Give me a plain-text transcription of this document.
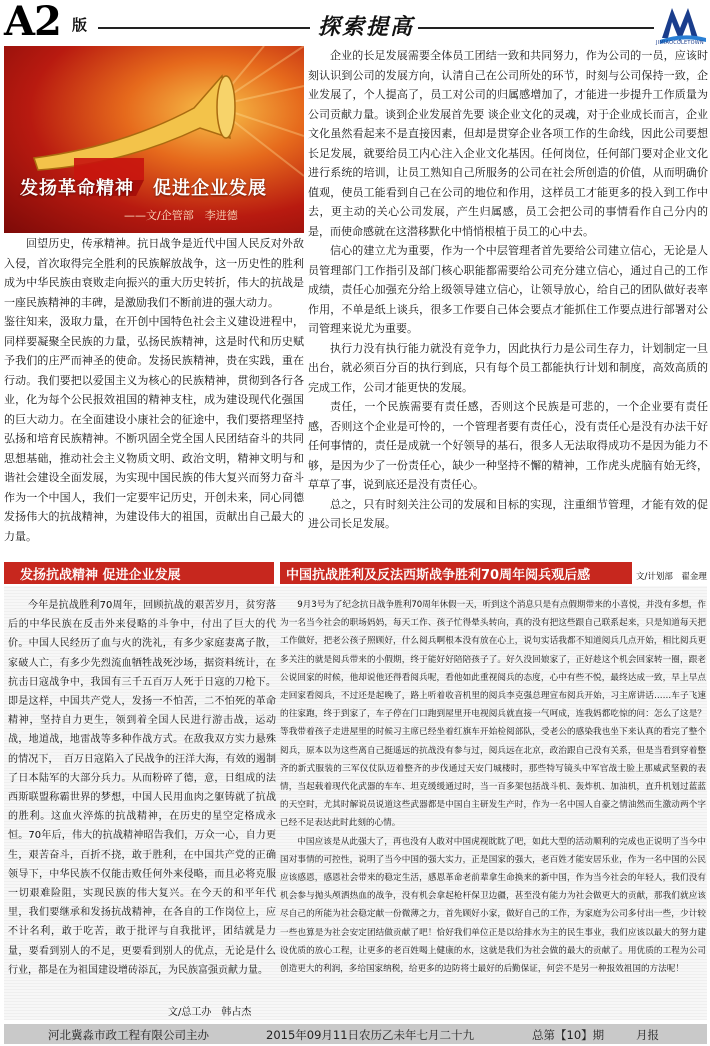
A2 版	探索提高
JIMIAOCOLETOWN
发扬革命精神　促进企业发展
——文/企管部　李进德

回望历史，传承精神。抗日战争是近代中国人民反对外敌入侵，首次取得完全胜利的民族解放战争，这一历史性的胜利成为中华民族由衰败走向振兴的重大历史转折，伟大的抗战是一座民族精神的丰碑，是激励我们不断前进的强大动力。

鉴往知来，汲取力量，在开创中国特色社会主义建设进程中，同样要凝聚全民族的力量，弘扬民族精神，这是时代和历史赋予我们的庄严而神圣的使命。发扬民族精神，贵在实践，重在行动。我们要把以爱国主义为核心的民族精神，贯彻到各行各业，化为每个公民报效祖国的精神支柱，成为建设现代化强国的巨大动力。在全面建设小康社会的征途中，我们要搭理坚持弘扬和培育民族精神。不断巩固全党全国人民团结奋斗的共同思想基础，推动社会主义物质文明、政治文明，精神文明与和谐社会建设全面发展，为实现中国民族的伟大复兴而努力奋斗作为一个中国人，我们一定要牢记历史，开创未来，同心同德发扬伟大的抗战精神，为建设伟大的祖国，贡献出自己最大的力量。

企业的长足发展需要全体员工团结一致和共同努力，作为公司的一员，应该时刻认识到公司的发展方向，认清自己在公司所处的环节，时刻与公司保持一致，企业发展了，个人提高了，员工对公司的归属感增加了，才能进一步提升工作质量为公司贡献力量。谈到企业发展首先要 谈企业文化的灵魂，对于企业成长而言，企业文化虽然看起来不是直接因素，但却是贯穿企业各项工作的生命线，因此公司要想长足发展，就要给员工内心注入企业文化基因。任何岗位，任何部门要对企业文化进行系统的培训，让员工熟知自己所服务的公司在社会所创造的价值，从而明确价值观，使员工能看到自己在公司的地位和作用，这样员工才能更多的投入到工作中去，更主动的关心公司发展，产生归属感，员工会把公司的事情看作自己分内的是，而使命感就在这潜移默化中悄悄根植于员工的心中去。

信心的建立尤为重要，作为一个中层管理者首先要给公司建立信心，无论是人员管理部门工作指引及部门核心职能都需要给公司充分建立信心，通过自己的工作成绩，责任心加强充分给上级领导建立信心，让领导放心，给自己的团队做好表率作用，不单是纸上谈兵，很多工作要自己体会要点才能抓住工作要点进行部署对公司管理来说尤为重要。

执行力没有执行能力就没有竞争力，因此执行力是公司生存力，计划制定一旦出台，就必须百分百的执行到底，只有每个员工都能执行计划和制度，高效高质的完成工作，公司才能更快的发展。

责任，一个民族需要有责任感，否则这个民族是可悲的，一个企业要有责任感，否则这个企业是可怜的，一个管理者要有责任心，没有责任心是没有办法干好任何事情的，责任是成就一个好领导的基石，很多人无法取得成功不是因为能力不够，是因为少了一份责任心，缺少一种坚持不懈的精神，工作虎头虎脑有始无终，草草了事，说到底还是没有责任心。

总之，只有时刻关注公司的发展和目标的实现，注重细节管理，才能有效的促进公司长足发展。

发扬抗战精神 促进企业发展	中国抗战胜利及反法西斯战争胜利70周年阅兵观后感	文/计划部　翟金理

今年是抗战胜利70周年，回顾抗战的艰苦岁月，贫穷落后的中华民族在反击外来侵略的斗争中，付出了巨大的代价。中国人民经历了血与火的洗礼，有多少家庭妻离子散，家破人亡，有多少先烈流血牺牲战死沙场，据资料统计，在抗击日寇战争中，我国有三千五百万人死于日寇的刀枪下。即是这样，中国共产党人，发扬一不怕苦，二不怕死的革命精神，坚持自力更生，领到着全国人民进行游击战，运动战，地道战，地雷战等多种作战方式。在敌我双方实力悬殊的情况下，　百万日寇陷入了民战争的汪洋大海，有效的遏制了日本陆军的大部分兵力。从而粉碎了德，意，日组成的法西斯联盟称霸世界的梦想，中国人民用血肉之躯铸就了抗战的胜利。这血火淬炼的抗战精神，在历史的星空定格成永恒。70年后，伟大的抗战精神昭告我们，万众一心，自力更生，艰苦奋斗，百折不挠，敢于胜利，在中国共产党的正确领导下，中华民族不仅能击败任何外来侵略，而且必将克服一切艰难险阻，实现民族的伟大复兴。在今天的和平年代里，我们要继承和发扬抗战精神，在各自的工作岗位上，应不计名利，敢于吃苦，敢于批评与自我批评，团结就是力量，要看到别人的不足，更要看到别人的优点，无论是什么行业，都是在为祖国建设增砖添瓦，为民族富强贡献力量。

文/总工办　韩占杰

9月3号为了纪念抗日战争胜利70周年休假一天，听到这个消息只是有点假期带来的小喜悦，并没有多想，作为一名当今社会的职场妈妈，每天工作、孩子忙得晕头转向，真的没有把这些跟自己联系起来，只是知道每天把工作做好，把老公孩子照顾好，什么阅兵啊根本没有放在心上，说句实话我都不知道阅兵几点开始，相比阅兵更多关注的就是阅兵带来的小假期，终于能好好陪陪孩子了。好久没回娘家了，正好趁这个机会回家转一圈，跟老公说回家的时候，他却说他还得看阅兵呢，看他如此重视阅兵的态度，心中有些不悦，最终达成一致，早上早点走回家看阅兵，不过还是起晚了，路上听着收音机里的阅兵李克强总理宣布阅兵开始，习主席讲话……车子飞速的往家跑，终于到家了，车子停在门口跑到屋里开电视阅兵就直接一气呵成，连我妈都吃惊的问：怎么了这是？等我带着孩子走进屋里的时候习主席已经坐着红旗车开始检阅部队，受老公的感染我也坐下来认真的看完了整个阅兵，原本以为这些离自己挺遥远的抗战没有参与过，阅兵远在北京，政治跟自己没有关系，但是当看到穿着整齐的新式服装的三军仪仗队迈着整齐的步伐通过天安门城楼时，那些特写镜头中军官战士脸上那威武坚毅的表情，当起载着现代化武器的车车、坦克缓缓通过时，当一百多架包括战斗机、轰炸机、加油机，直升机划过蓝蓝的天空时，尤其时解说员说道这些武器都是中国自主研发生产时，作为一名中国人自豪之情油然而生激动两个字已经不足表达此时此刻的心情。

中国应该是从此强大了，再也没有人敢对中国虎视眈眈了吧，如此大型的活动顺利的完成也正说明了当今中国对事情的可控性，说明了当今中国的强大实力，正是国家的强大，老百姓才能安居乐业，作为一名中国的公民应该感恩，感恩社会带来的稳定生活，感恩革命老前辈拿生命换来的新中国，作为当今社会的年轻人，我们没有机会参与抛头颅洒热血的战争，没有机会拿起枪杆保卫边疆，甚至没有能力为社会做更大的贡献，那我们就应该尽自己的所能为社会稳定献一份微薄之力，首先顾好小家，做好自己的工作，为家庭为公司多付出一些，少计较一些也算是为社会安定团结做贡献了吧！恰好我们单位正是以给排水为主的民生事业，我们应该以最大的努力建设优质的放心工程，让更多的老百姓喝上健康的水，这就是我们为社会做的最大的贡献了。用优质的工程为公司创造更大的利润，多给国家纳税，给更多的边防将士最好的后勤保证，何尝不是另一种报效祖国的方法呢！

河北冀淼市政工程有限公司主办	2015年09月11日农历乙未年七月二十九	总第【10】期	月报
